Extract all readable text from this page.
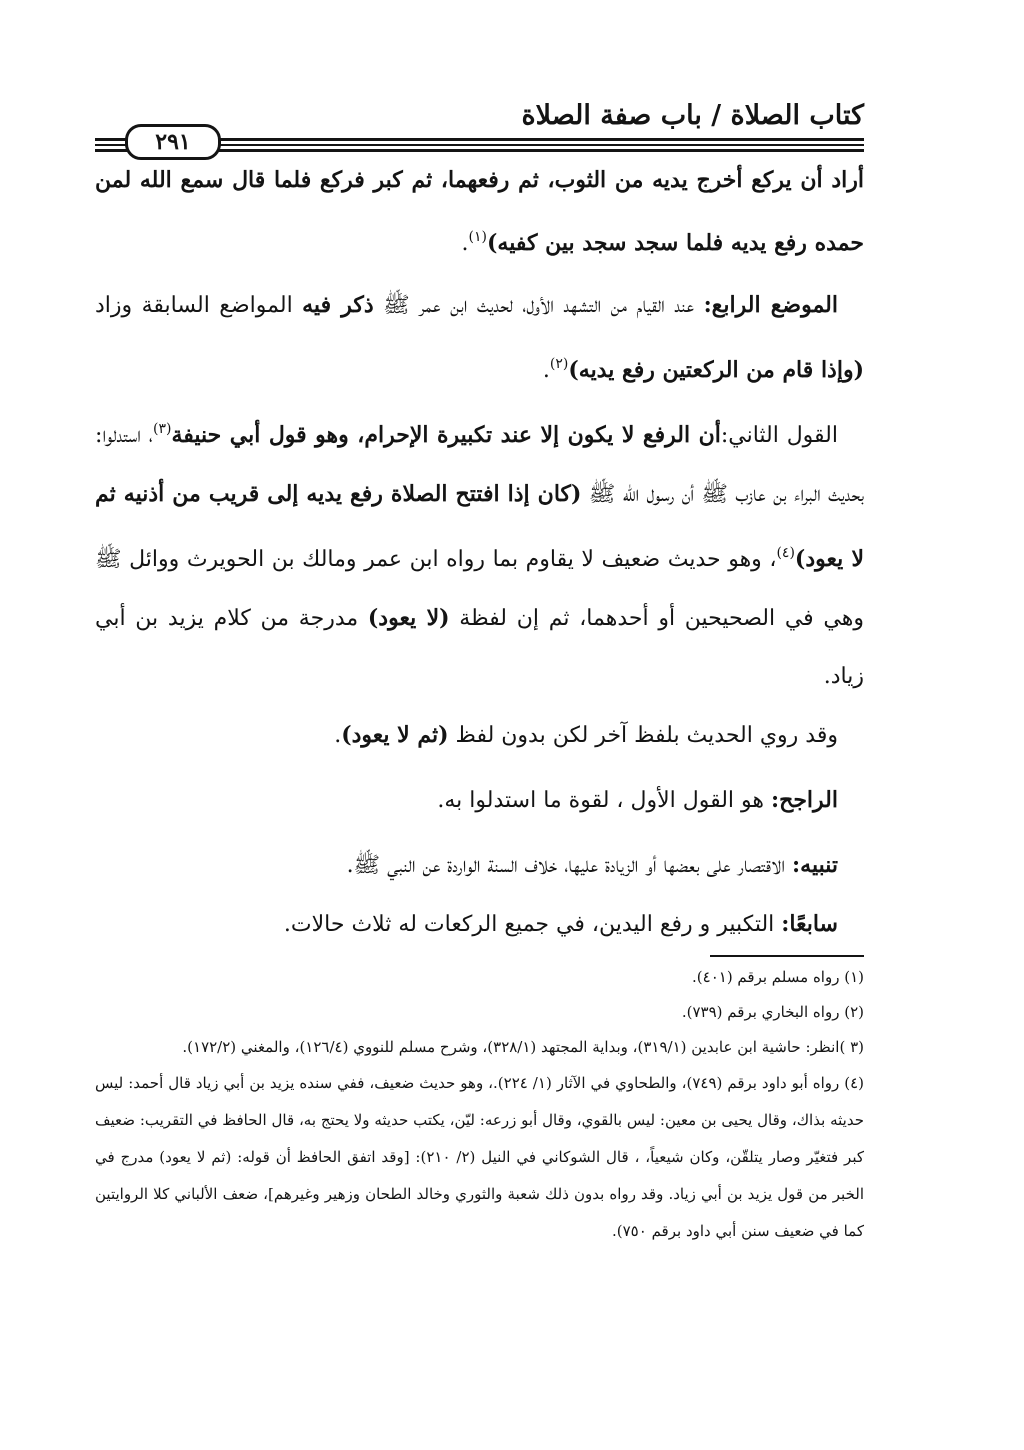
كتاب الصلاة / باب صفة الصلاة
٢٩١

أراد أن يركع أخرج يديه من الثوب، ثم رفعهما، ثم كبر فركع فلما قال سمع الله لمن حمده رفع يديه فلما سجد سجد بين كفيه)$^{(١)}$.

الموضع الرابع: عند القيام من التشهد الأول، لحديث ابن عمر ﷺ ذكر فيه المواضع السابقة وزاد (وإذا قام من الركعتين رفع يديه)$^{(٢)}$.

القول الثاني:أن الرفع لا يكون إلا عند تكبيرة الإحرام، وهو قول أبي حنيفة$^{(٣)}$، استدلوا: بحديث البراء بن عازب ﷺ أن رسول الله ﷺ (كان إذا افتتح الصلاة رفع يديه إلى قريب من أذنيه ثم لا يعود)$^{(٤)}$، وهو حديث ضعيف لا يقاوم بما رواه ابن عمر ومالك بن الحويرث ووائل ﷺ وهي في الصحيحين أو أحدهما، ثم إن لفظة (لا يعود) مدرجة من كلام يزيد بن أبي زياد.

وقد روي الحديث بلفظ آخر لكن بدون لفظ (ثم لا يعود).

الراجح: هو القول الأول ، لقوة ما استدلوا به.

تنبيه: الاقتصار على بعضها أو الزيادة عليها، خلاف السنة الواردة عن النبي ﷺ.

سابعًا: التكبير و رفع اليدين، في جميع الركعات له ثلاث حالات.

(١) رواه مسلم برقم (٤٠١).

(٢) رواه البخاري برقم (٧٣٩).

(٣ )انظر: حاشية ابن عابدين (٣١٩/١)، وبداية المجتهد (٣٢٨/١)، وشرح مسلم للنووي (١٢٦/٤)، والمغني (١٧٢/٢).

(٤) رواه أبو داود برقم (٧٤٩)، والطحاوي في الآثار (١/ ٢٢٤).، وهو حديث ضعيف، ففي سنده يزيد بن أبي زياد قال أحمد: ليس حديثه بذاك، وقال يحيى بن معين: ليس بالقوي، وقال أبو زرعه: ليّن، يكتب حديثه ولا يحتج به، قال الحافظ في التقريب: ضعيف كبر فتغيّر وصار يتلقّن، وكان شيعياً، ، قال الشوكاني في النيل (٢/ ٢١٠): [وقد اتفق الحافظ أن قوله: (ثم لا يعود) مدرج في الخبر من قول يزيد بن أبي زياد. وقد رواه بدون ذلك شعبة والثوري وخالد الطحان وزهير وغيرهم]، ضعف الألباني كلا الروايتين كما في ضعيف سنن أبي داود برقم ٧٥٠).
